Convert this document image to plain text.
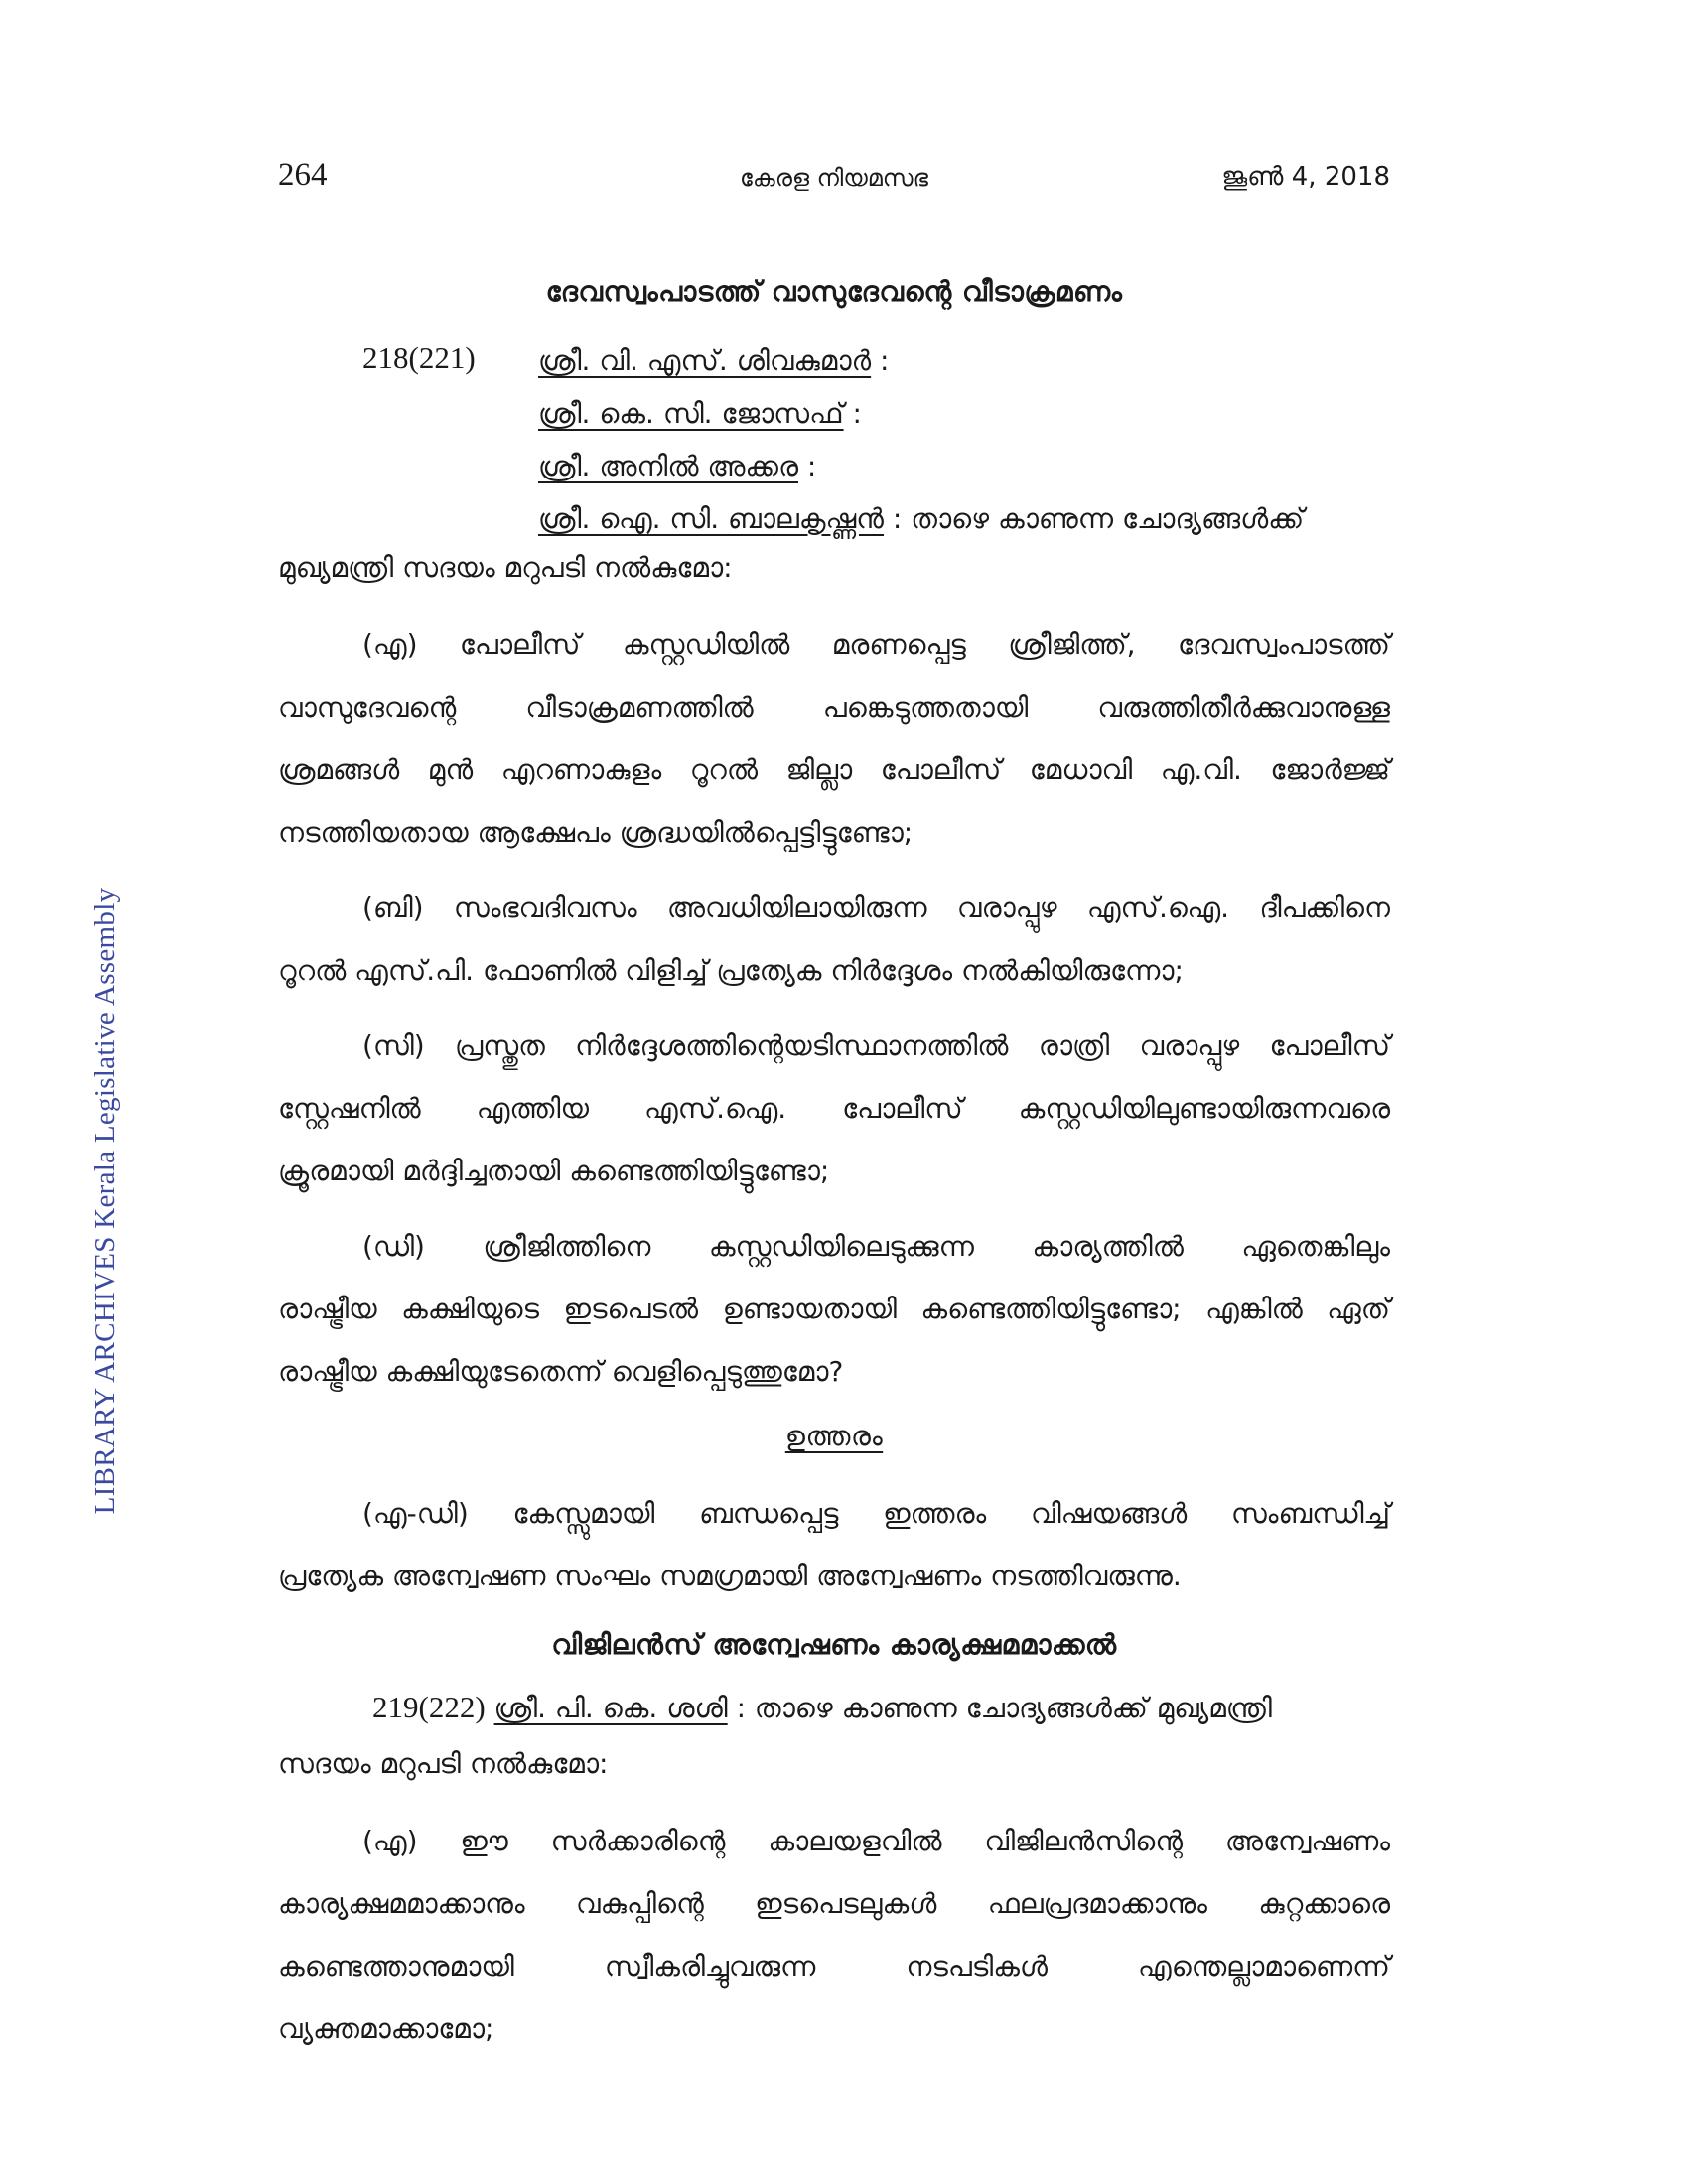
LIBRARY ARCHIVES Kerala Legislative Assembly
264	കേരള നിയമസഭ	ജൂൺ 4, 2018
ദേവസ്വംപാടത്ത് വാസുദേവന്റെ വീടാക്രമണം
218(221) ശ്രീ. വി. എസ്. ശിവകുമാർ :
ശ്രീ. കെ. സി. ജോസഫ് :
ശ്രീ. അനിൽ അക്കര :
ശ്രീ. ഐ. സി. ബാലകൃഷ്ണൻ : താഴെ കാണുന്ന ചോദ്യങ്ങൾക്ക്
മുഖ്യമന്ത്രി സദയം മറുപടി നൽകുമോ:
(എ) പോലീസ് കസ്റ്റഡിയിൽ മരണപ്പെട്ട ശ്രീജിത്ത്, ദേവസ്വംപാടത്ത്
വാസുദേവന്റെ വീടാക്രമണത്തിൽ പങ്കെടുത്തതായി വരുത്തിതീർക്കുവാനുള്ള
ശ്രമങ്ങൾ മുൻ എറണാകുളം റൂറൽ ജില്ലാ പോലീസ് മേധാവി എ.വി. ജോർജ്ജ്
നടത്തിയതായ ആക്ഷേപം ശ്രദ്ധയിൽപ്പെട്ടിട്ടുണ്ടോ;
(ബി) സംഭവദിവസം അവധിയിലായിരുന്ന വരാപ്പുഴ എസ്.ഐ. ദീപക്കിനെ
റൂറൽ എസ്.പി. ഫോണിൽ വിളിച്ച് പ്രത്യേക നിർദ്ദേശം നൽകിയിരുന്നോ;
(സി) പ്രസ്തുത നിർദ്ദേശത്തിന്റെയടിസ്ഥാനത്തിൽ രാത്രി വരാപ്പുഴ പോലീസ്
സ്റ്റേഷനിൽ എത്തിയ എസ്.ഐ. പോലീസ് കസ്റ്റഡിയിലുണ്ടായിരുന്നവരെ
ക്രൂരമായി മർദ്ദിച്ചതായി കണ്ടെത്തിയിട്ടുണ്ടോ;
(ഡി) ശ്രീജിത്തിനെ കസ്റ്റഡിയിലെടുക്കുന്ന കാര്യത്തിൽ ഏതെങ്കിലും
രാഷ്ട്രീയ കക്ഷിയുടെ ഇടപെടൽ ഉണ്ടായതായി കണ്ടെത്തിയിട്ടുണ്ടോ; എങ്കിൽ ഏത്
രാഷ്ട്രീയ കക്ഷിയുടേതെന്ന് വെളിപ്പെടുത്തുമോ?
ഉത്തരം
(എ-ഡി) കേസ്സുമായി ബന്ധപ്പെട്ട ഇത്തരം വിഷയങ്ങൾ സംബന്ധിച്ച്
പ്രത്യേക അന്വേഷണ സംഘം സമഗ്രമായി അന്വേഷണം നടത്തിവരുന്നു.
വിജിലൻസ് അന്വേഷണം കാര്യക്ഷമമാക്കൽ
219(222) ശ്രീ. പി. കെ. ശശി : താഴെ കാണുന്ന ചോദ്യങ്ങൾക്ക് മുഖ്യമന്ത്രി
സദയം മറുപടി നൽകുമോ:
(എ) ഈ സർക്കാരിന്റെ കാലയളവിൽ വിജിലൻസിന്റെ അന്വേഷണം
കാര്യക്ഷമമാക്കാനും വകുപ്പിന്റെ ഇടപെടലുകൾ ഫലപ്രദമാക്കാനും കുറ്റക്കാരെ
കണ്ടെത്താനുമായി സ്വീകരിച്ചുവരുന്ന നടപടികൾ എന്തെല്ലാമാണെന്ന്
വ്യക്തമാക്കാമോ;
